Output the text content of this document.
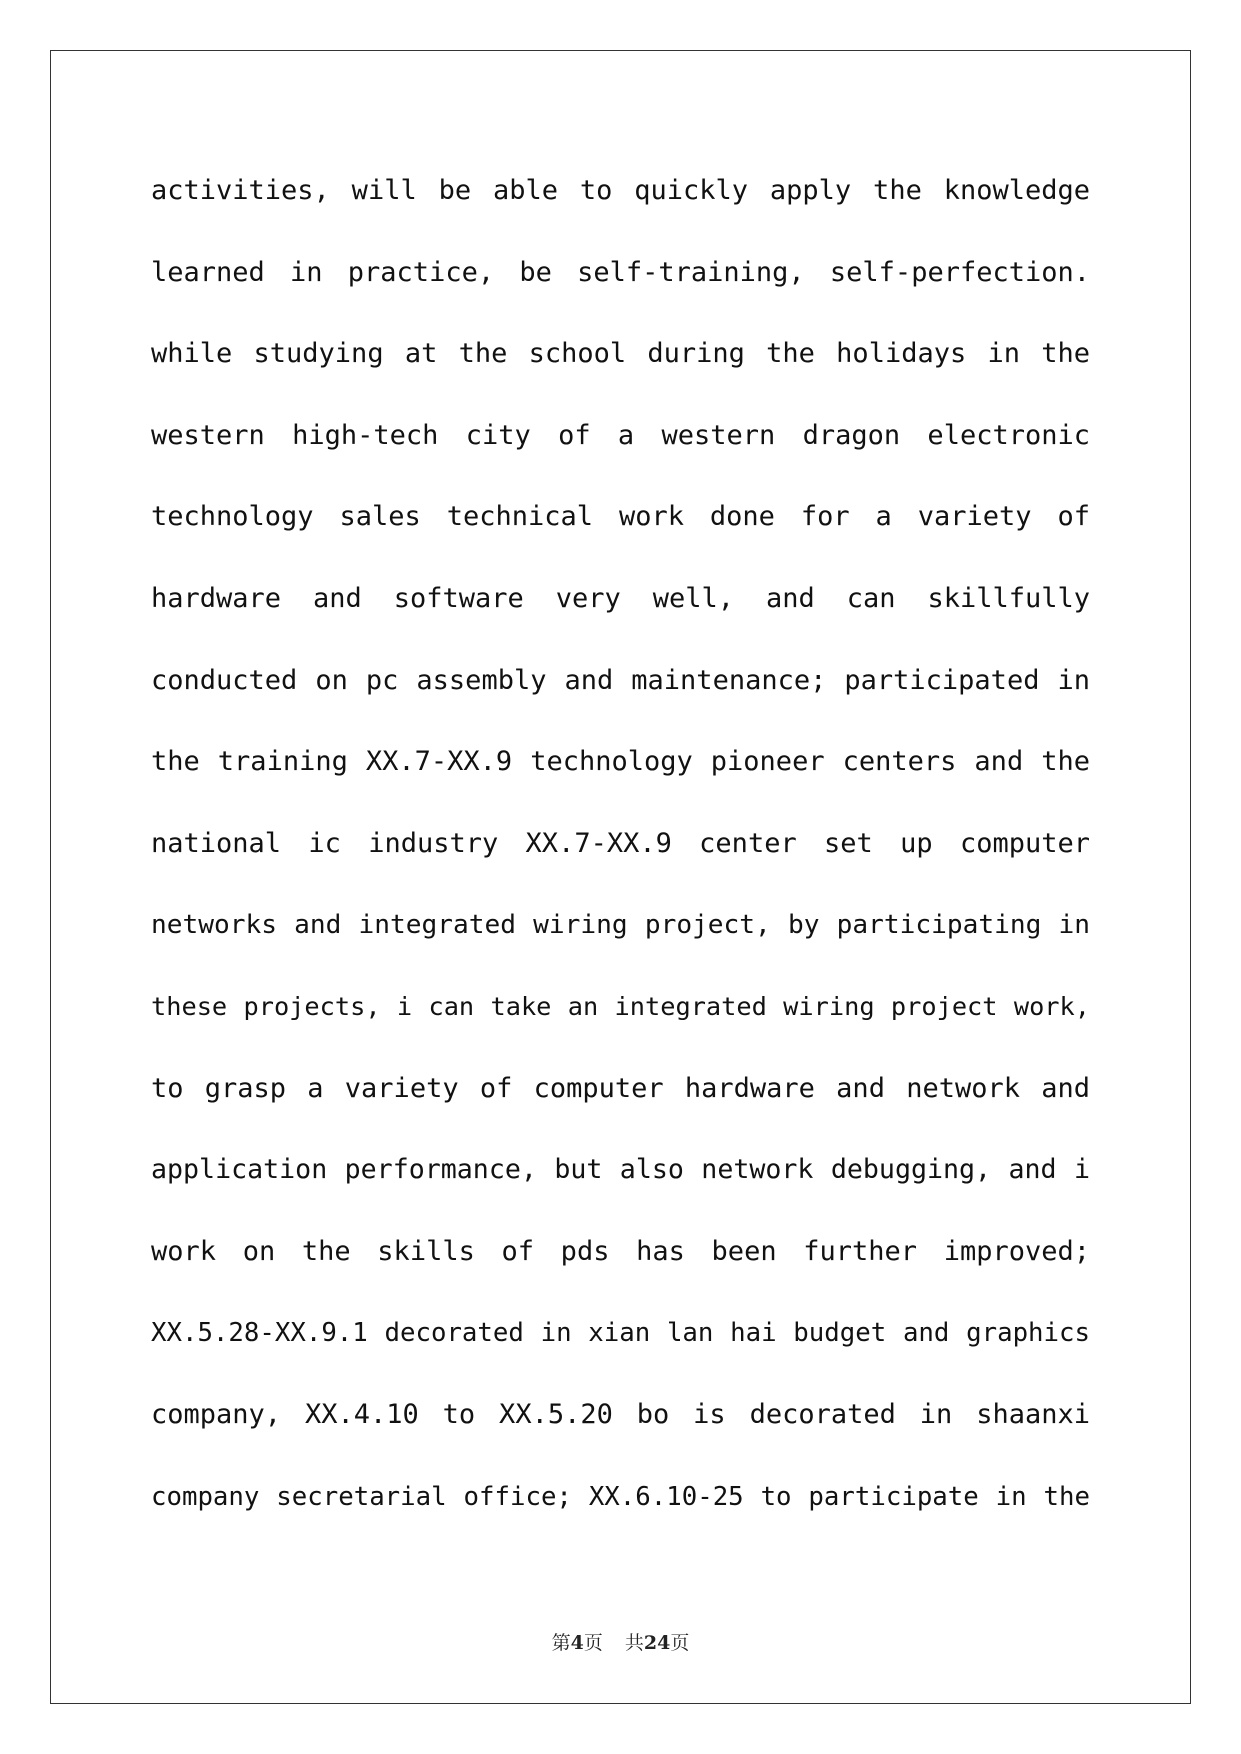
activities, will be able to quickly apply the knowledge
learned in practice, be self-training, self-perfection.
while studying at the school during the holidays in the
western high-tech city of a western dragon electronic
technology sales technical work done for a variety of
hardware and software very well, and can skillfully
conducted on pc assembly and maintenance; participated in
the training XX.7-XX.9 technology pioneer centers and the
national ic industry XX.7-XX.9 center set up computer
networks and integrated wiring project, by participating in
these projects, i can take an integrated wiring project work,
to grasp a variety of computer hardware and network and
application performance, but also network debugging, and i
work on the skills of pds has been further improved;
XX.5.28-XX.9.1 decorated in xian lan hai budget and graphics
company, XX.4.10 to XX.5.20 bo is decorated in shaanxi
company secretarial office; XX.6.10-25 to participate in the
第4页 共24页
